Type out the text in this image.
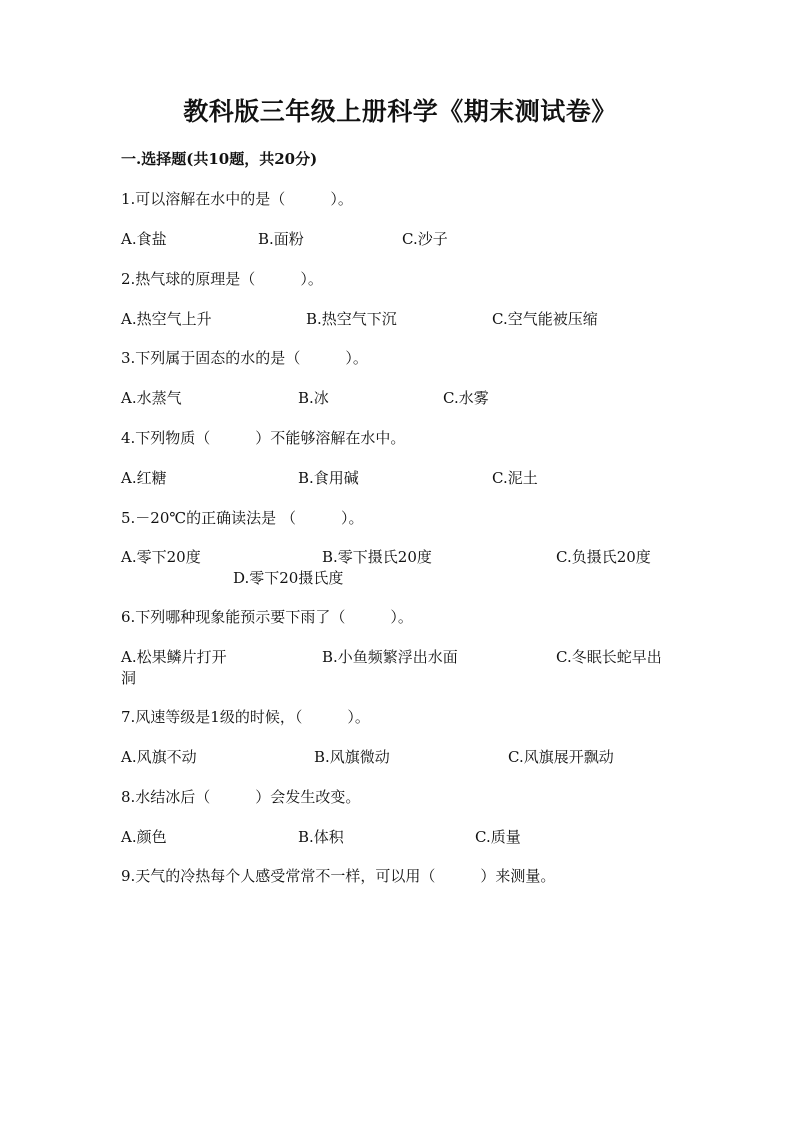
教科版三年级上册科学《期末测试卷》
一.选择题(共10题，共20分)
1.可以溶解在水中的是（　　　）。
A.食盐	B.面粉	C.沙子
2.热气球的原理是（　　　）。
A.热空气上升	B.热空气下沉	C.空气能被压缩
3.下列属于固态的水的是（　　　）。
A.水蒸气	B.冰	C.水雾
4.下列物质（　　　）不能够溶解在水中。
A.红糖	B.食用碱	C.泥土
5.－20℃的正确读法是 （　　　）。
A.零下20度	B.零下摄氏20度	C.负摄氏20度
D.零下20摄氏度
6.下列哪种现象能预示要下雨了（　　　）。
A.松果鳞片打开	B.小鱼频繁浮出水面	C.冬眠长蛇早出
洞
7.风速等级是1级的时候，（　　　）。
A.风旗不动	B.风旗微动	C.风旗展开飘动
8.水结冰后（　　　）会发生改变。
A.颜色	B.体积	C.质量
9.天气的冷热每个人感受常常不一样，可以用（　　　）来测量。
